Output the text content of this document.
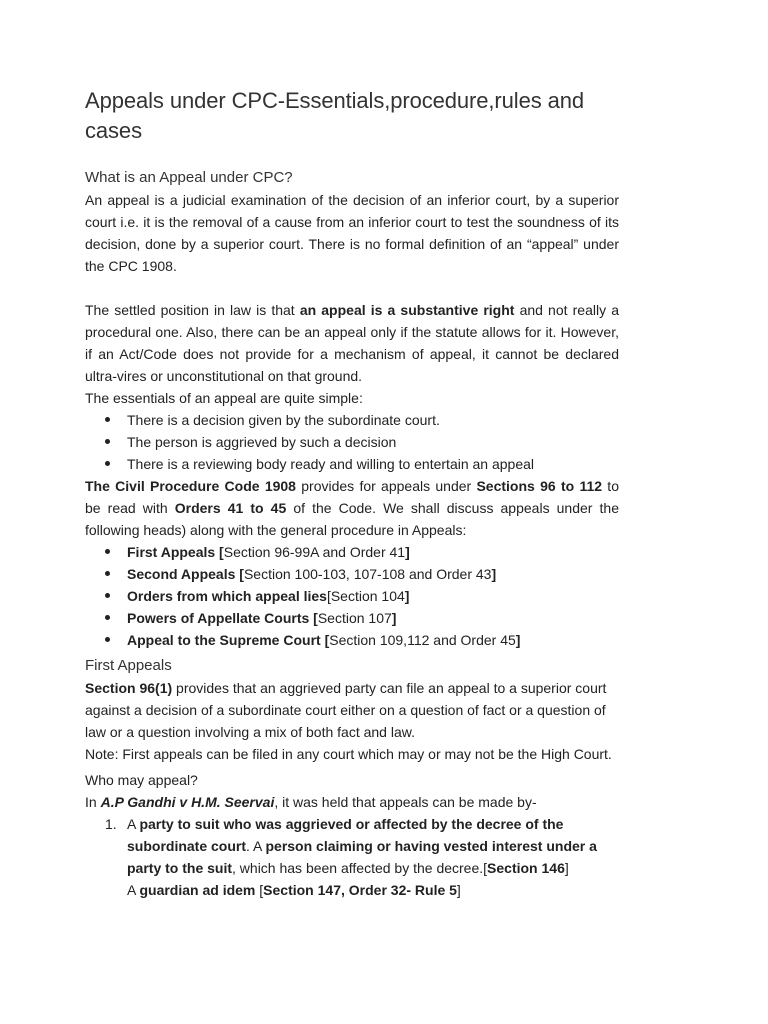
Appeals under CPC-Essentials,procedure,rules and cases
What is an Appeal under CPC?

An appeal is a judicial examination of the decision of an inferior court, by a superior court i.e. it is the removal of a cause from an inferior court to test the soundness of its decision, done by a superior court. There is no formal definition of an “appeal” under the CPC 1908.

The settled position in law is that an appeal is a substantive right and not really a procedural one. Also, there can be an appeal only if the statute allows for it. However, if an Act/Code does not provide for a mechanism of appeal, it cannot be declared ultra-vires or unconstitutional on that ground.

The essentials of an appeal are quite simple:

There is a decision given by the subordinate court.
The person is aggrieved by such a decision
There is a reviewing body ready and willing to entertain an appeal

The Civil Procedure Code 1908 provides for appeals under Sections 96 to 112 to be read with Orders 41 to 45 of the Code. We shall discuss appeals under the following heads) along with the general procedure in Appeals:

First Appeals [Section 96-99A and Order 41]
Second Appeals [Section 100-103, 107-108 and Order 43]
Orders from which appeal lies[Section 104]
Powers of Appellate Courts [Section 107]
Appeal to the Supreme Court [Section 109,112 and Order 45]
First Appeals

Section 96(1) provides that an aggrieved party can file an appeal to a superior court against a decision of a subordinate court either on a question of fact or a question of law or a question involving a mix of both fact and law.

Note: First appeals can be filed in any court which may or may not be the High Court.

Who may appeal?

In A.P Gandhi v H.M. Seervai, it was held that appeals can be made by-

1. A party to suit who was aggrieved or affected by the decree of the subordinate court. A person claiming or having vested interest under a party to the suit, which has been affected by the decree.[Section 146]
A guardian ad idem [Section 147, Order 32- Rule 5]
